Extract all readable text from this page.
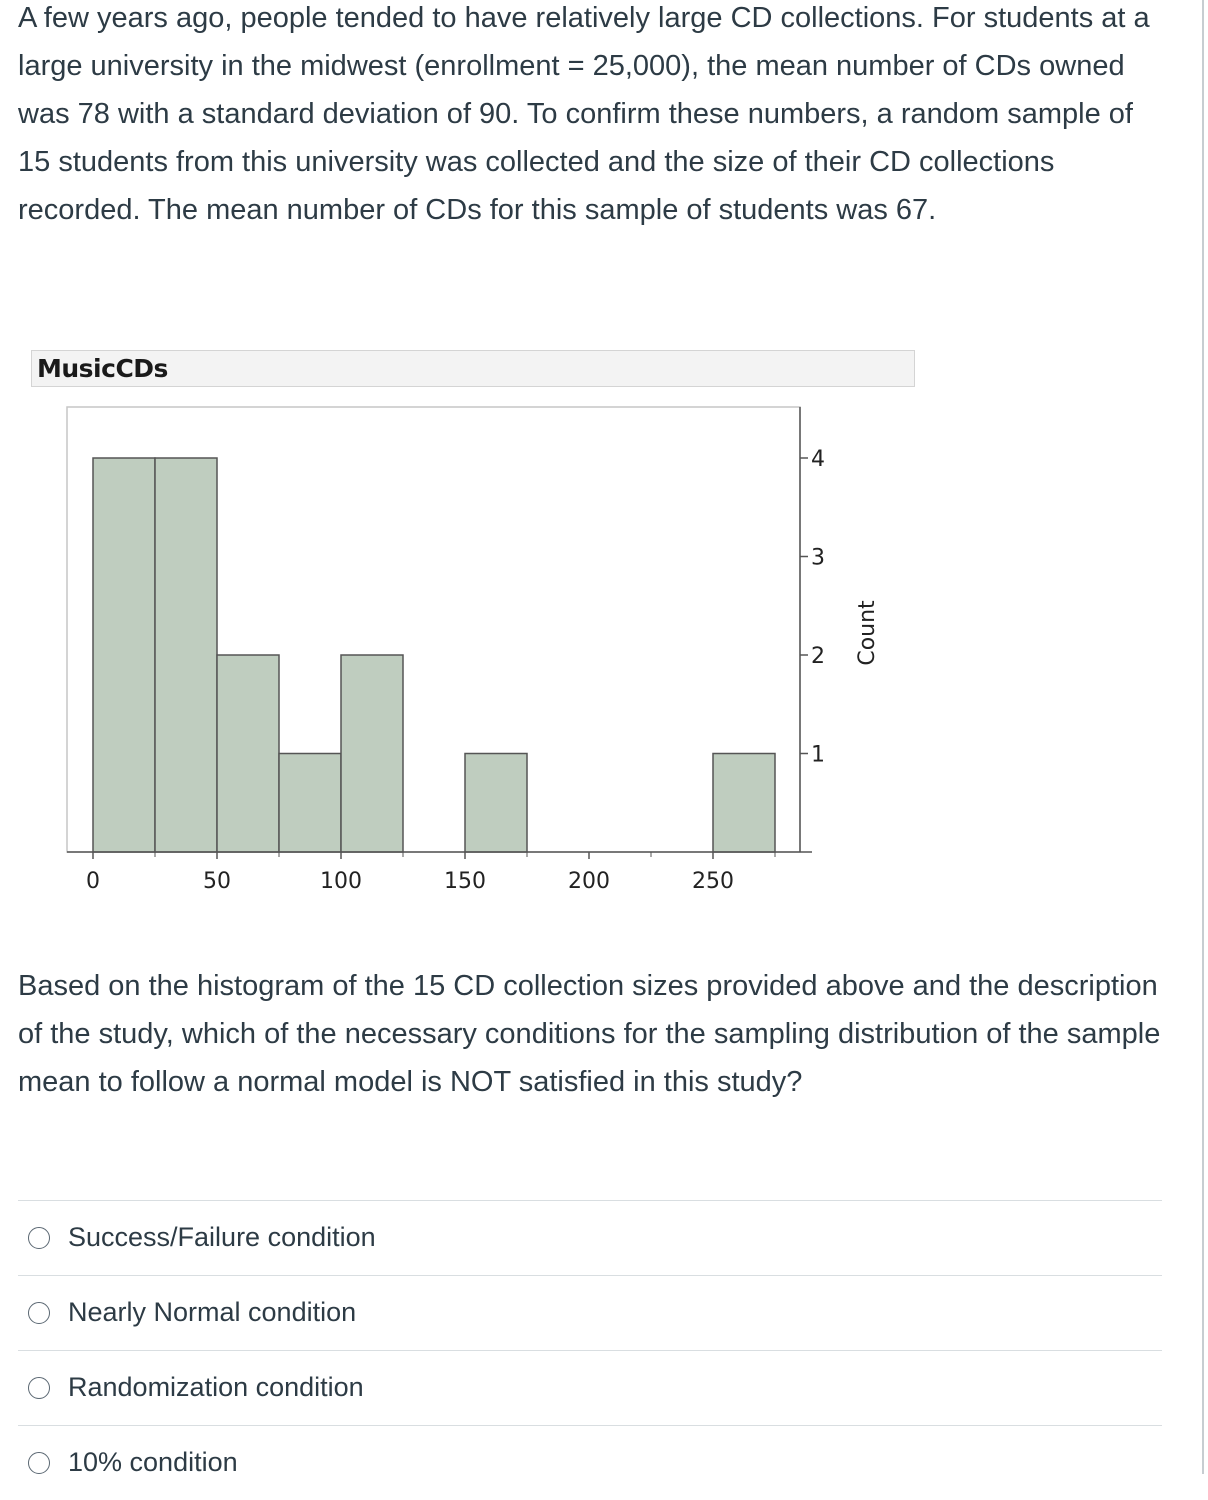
A few years ago, people tended to have relatively large CD collections. For students at a large university in the midwest (enrollment = 25,000), the mean number of CDs owned was 78 with a standard deviation of 90. To confirm these numbers, a random sample of 15 students from this university was collected and the size of their CD collections recorded. The mean number of CDs for this sample of students was 67.

MusicCDs
0	50	100	150	200	250
1
2
3
4
Count

Based on the histogram of the 15 CD collection sizes provided above and the description of the study, which of the necessary conditions for the sampling distribution of the sample mean to follow a normal model is NOT satisfied in this study?

Success/Failure condition
Nearly Normal condition
Randomization condition
10% condition
